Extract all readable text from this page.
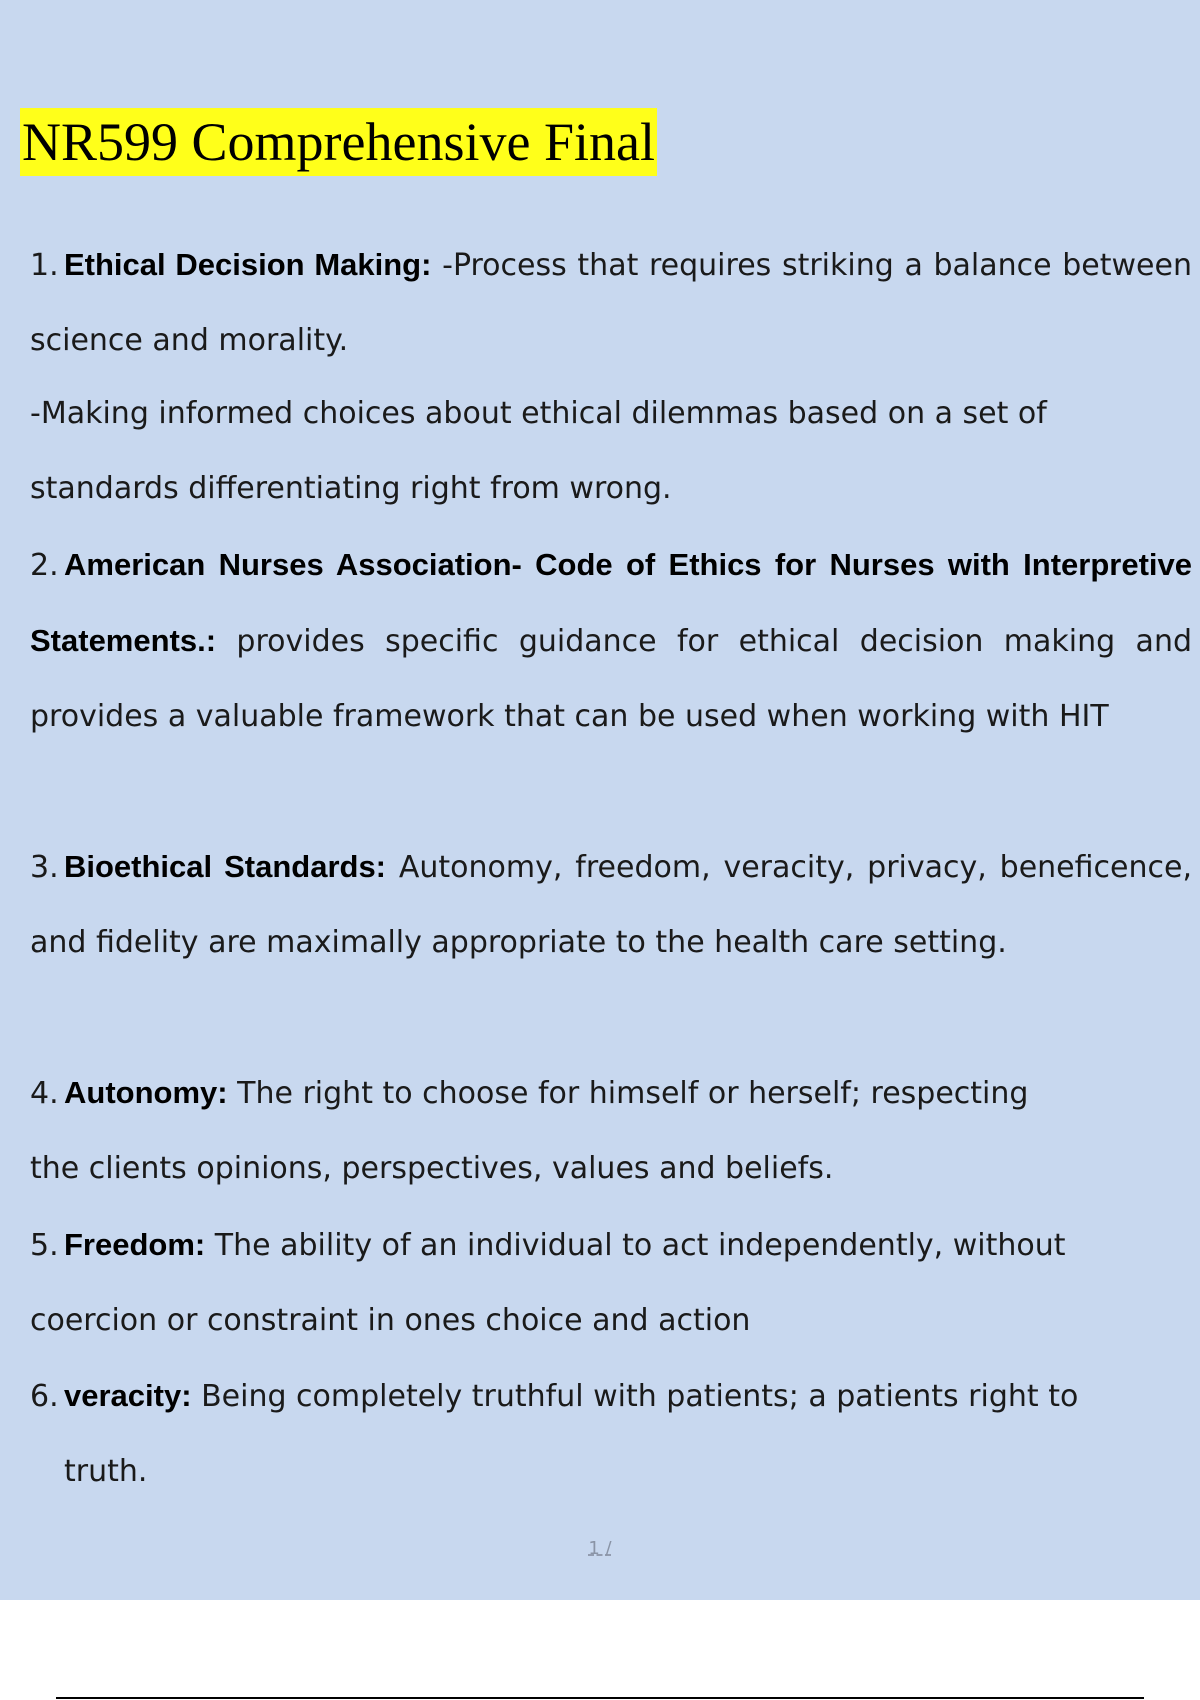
NR599 Comprehensive Final
1. Ethical Decision Making: -Process that requires striking a balance between science and morality.
-Making informed choices about ethical dilemmas based on a set of standards differentiating right from wrong.
2. American Nurses Association- Code of Ethics for Nurses with Interpretive Statements.: provides specific guidance for ethical decision making and provides a valuable framework that can be used when working with HIT
3. Bioethical Standards: Autonomy, freedom, veracity, privacy, beneficence, and fidelity are maximally appropriate to the health care setting.
4. Autonomy: The right to choose for himself or herself; respecting
the clients opinions, perspectives, values and beliefs.
5. Freedom: The ability of an individual to act independently, without
coercion or constraint in ones choice and action
6. veracity: Being completely truthful with patients; a patients right to
truth.
1 /
